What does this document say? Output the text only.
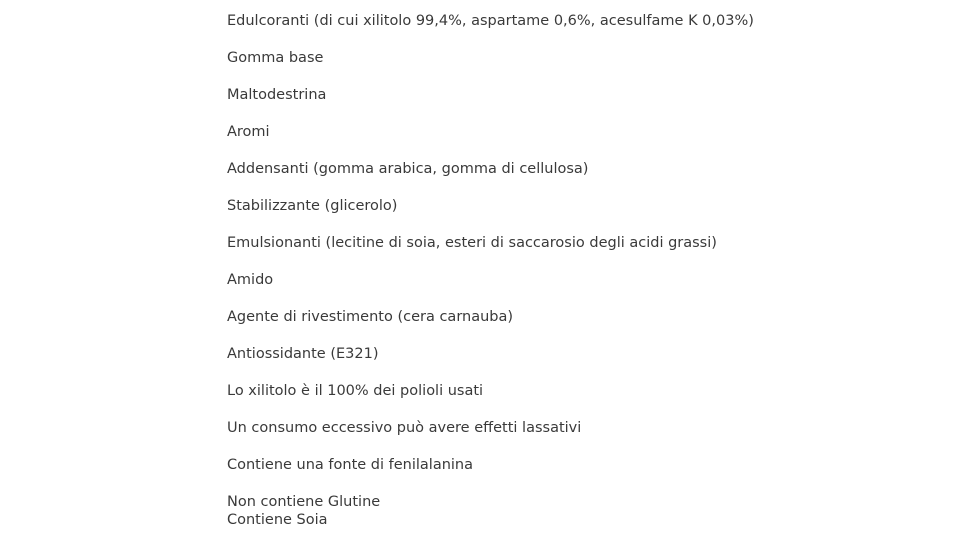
Edulcoranti (di cui xilitolo 99,4%, aspartame 0,6%, acesulfame K 0,03%)
Gomma base
Maltodestrina
Aromi
Addensanti (gomma arabica, gomma di cellulosa)
Stabilizzante (glicerolo)
Emulsionanti (lecitine di soia, esteri di saccarosio degli acidi grassi)
Amido
Agente di rivestimento (cera carnauba)
Antiossidante (E321)
Lo xilitolo è il 100% dei polioli usati
Un consumo eccessivo può avere effetti lassativi
Contiene una fonte di fenilalanina
Non contiene Glutine
Contiene Soia
